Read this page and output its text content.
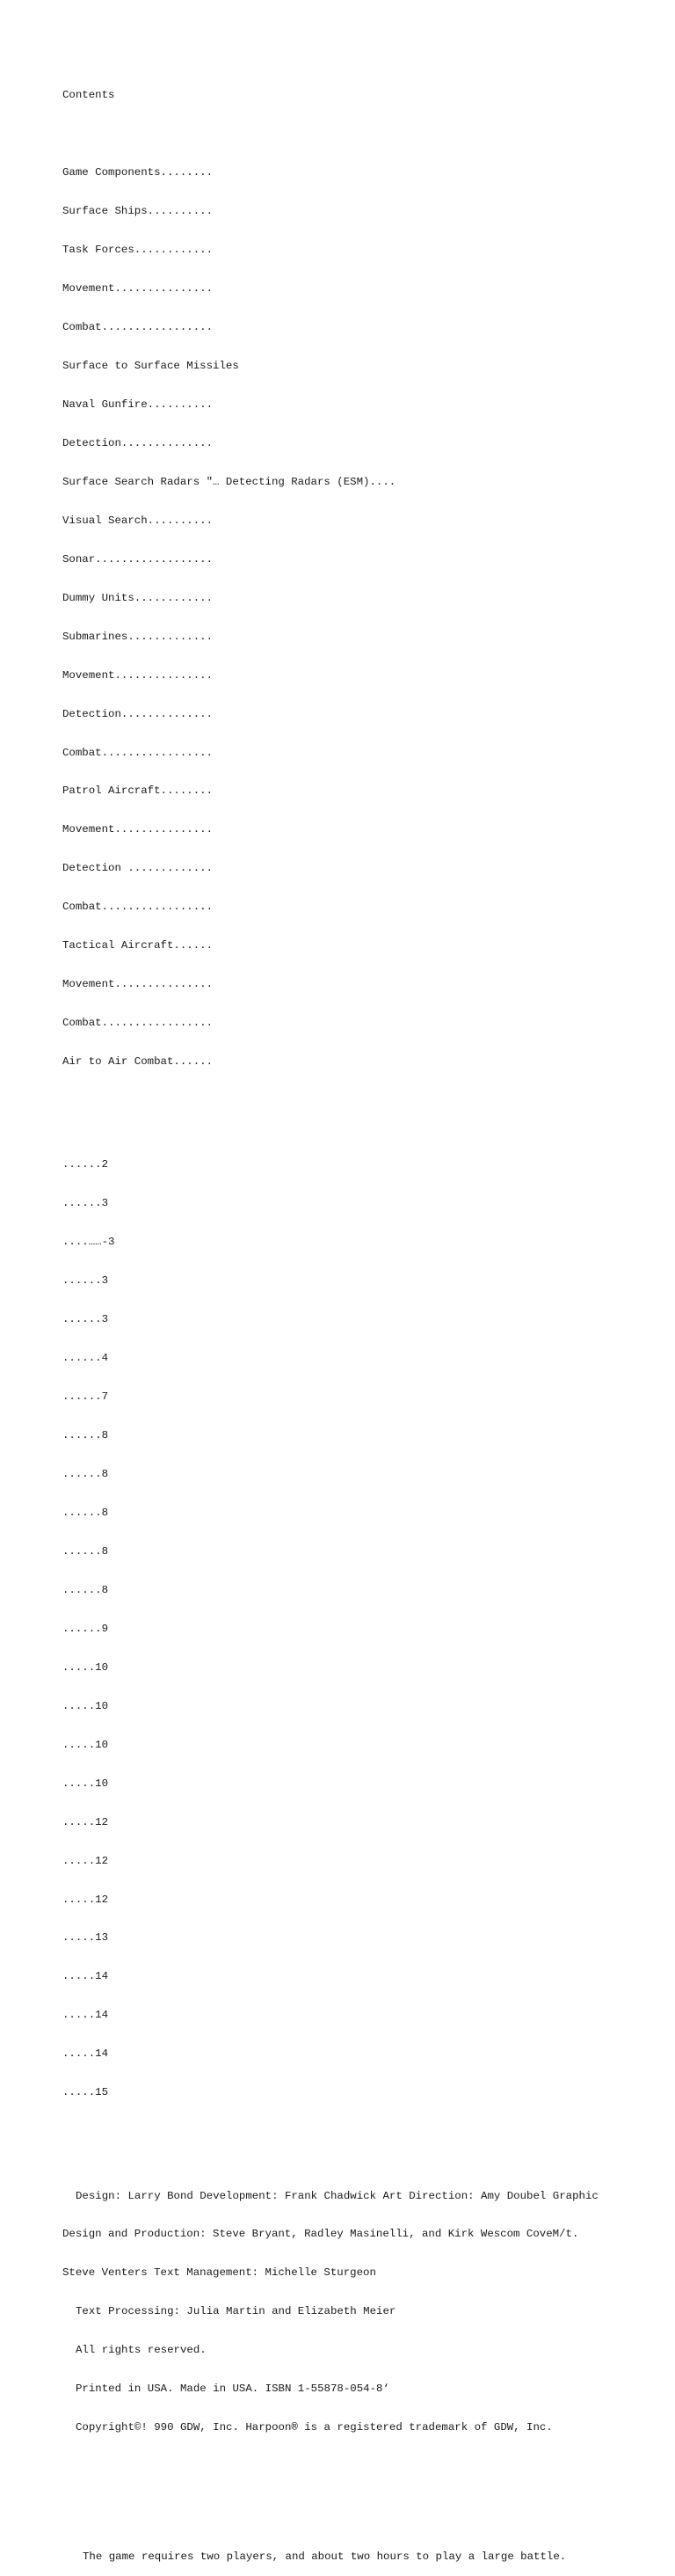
Contents

Game Components........

Surface Ships..........

Task Forces............

Movement...............

Combat.................

Surface to Surface Missiles

Naval Gunfire..........

Detection..............

Surface Search Radars "… Detecting Radars (ESM)....

Visual Search..........

Sonar..................

Dummy Units............

Submarines.............

Movement...............

Detection..............

Combat.................

Patrol Aircraft........

Movement...............

Detection .............

Combat.................

Tactical Aircraft......

Movement...............

Combat.................

Air to Air Combat......

......2

......3

....……-3

......3

......3

......4

......7

......8

......8

......8

......8

......8

......9

.....10

.....10

.....10

.....10

.....12

.....12

.....12

.....13

.....14

.....14

.....14

.....15

Design: Larry Bond Development: Frank Chadwick Art Direction: Amy Doubel Graphic

Design and Production: Steve Bryant, Radley Masinelli, and Kirk Wescom CoveM/t.

Steve Venters Text Management: Michelle Sturgeon

Text Processing: Julia Martin and Elizabeth Meier

All rights reserved.

Printed in USA. Made in USA. ISBN 1-55878-054-8‘

Copyright©! 990 GDW, Inc. Harpoon® is a registered trademark of GDW, Inc.

The game requires two players, and about two hours to play a large battle.
